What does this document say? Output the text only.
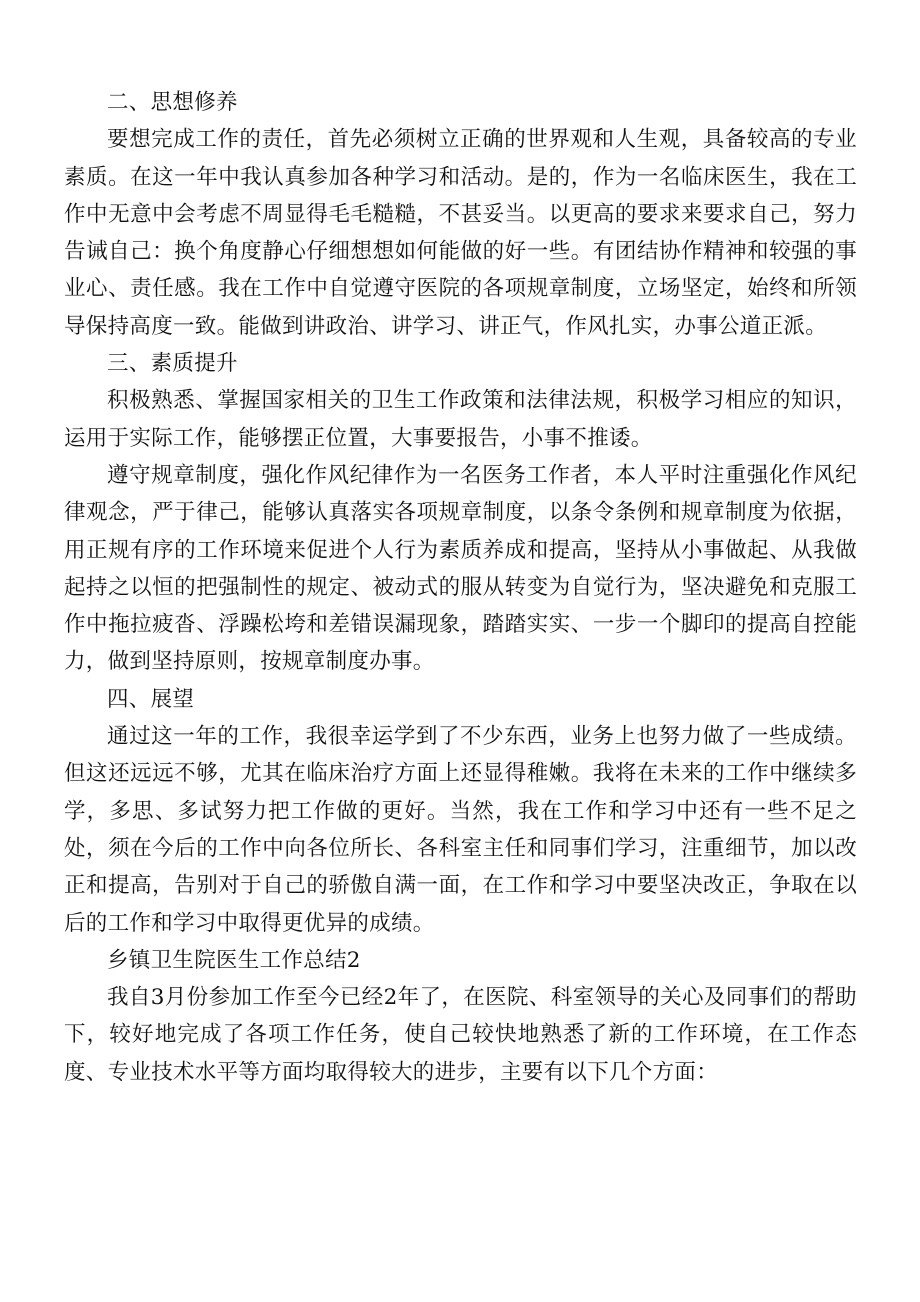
二、思想修养

要想完成工作的责任，首先必须树立正确的世界观和人生观，具备较高的专业素质。在这一年中我认真参加各种学习和活动。是的，作为一名临床医生，我在工作中无意中会考虑不周显得毛毛糙糙，不甚妥当。以更高的要求来要求自己，努力告诫自己：换个角度静心仔细想想如何能做的好一些。有团结协作精神和较强的事业心、责任感。我在工作中自觉遵守医院的各项规章制度，立场坚定，始终和所领导保持高度一致。能做到讲政治、讲学习、讲正气，作风扎实，办事公道正派。

三、素质提升

积极熟悉、掌握国家相关的卫生工作政策和法律法规，积极学习相应的知识，运用于实际工作，能够摆正位置，大事要报告，小事不推诿。

遵守规章制度，强化作风纪律作为一名医务工作者，本人平时注重强化作风纪律观念，严于律己，能够认真落实各项规章制度，以条令条例和规章制度为依据，用正规有序的工作环境来促进个人行为素质养成和提高，坚持从小事做起、从我做起持之以恒的把强制性的规定、被动式的服从转变为自觉行为，坚决避免和克服工作中拖拉疲沓、浮躁松垮和差错误漏现象，踏踏实实、一步一个脚印的提高自控能力，做到坚持原则，按规章制度办事。

四、展望

通过这一年的工作，我很幸运学到了不少东西，业务上也努力做了一些成绩。但这还远远不够，尤其在临床治疗方面上还显得稚嫩。我将在未来的工作中继续多学，多思、多试努力把工作做的更好。当然，我在工作和学习中还有一些不足之处，须在今后的工作中向各位所长、各科室主任和同事们学习，注重细节，加以改正和提高，告别对于自己的骄傲自满一面，在工作和学习中要坚决改正，争取在以后的工作和学习中取得更优异的成绩。

乡镇卫生院医生工作总结2

我自3月份参加工作至今已经2年了，在医院、科室领导的关心及同事们的帮助下，较好地完成了各项工作任务，使自己较快地熟悉了新的工作环境，在工作态度、专业技术水平等方面均取得较大的进步，主要有以下几个方面：
